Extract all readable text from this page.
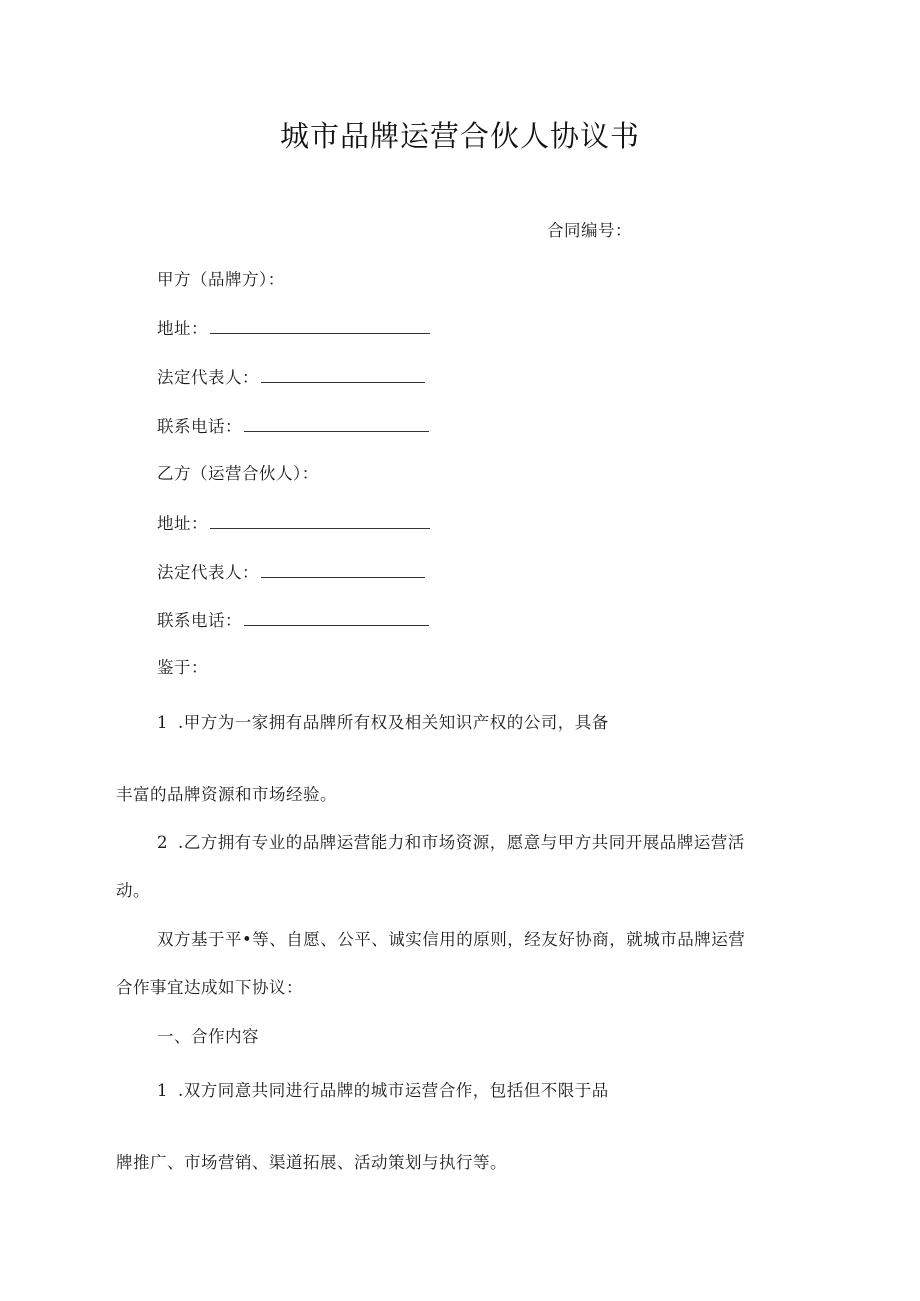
城市品牌运营合伙人协议书
合同编号：
甲方（品牌方）：
地址：
法定代表人：
联系电话：
乙方（运营合伙人）：
地址：
法定代表人：
联系电话：
鉴于：
1 .甲方为一家拥有品牌所有权及相关知识产权的公司，具备
丰富的品牌资源和市场经验。
2 .乙方拥有专业的品牌运营能力和市场资源，愿意与甲方共同开展品牌运营活
动。
双方基于平•等、自愿、公平、诚实信用的原则，经友好协商，就城市品牌运营
合作事宜达成如下协议：
一、合作内容
1 .双方同意共同进行品牌的城市运营合作，包括但不限于品
牌推广、市场营销、渠道拓展、活动策划与执行等。
